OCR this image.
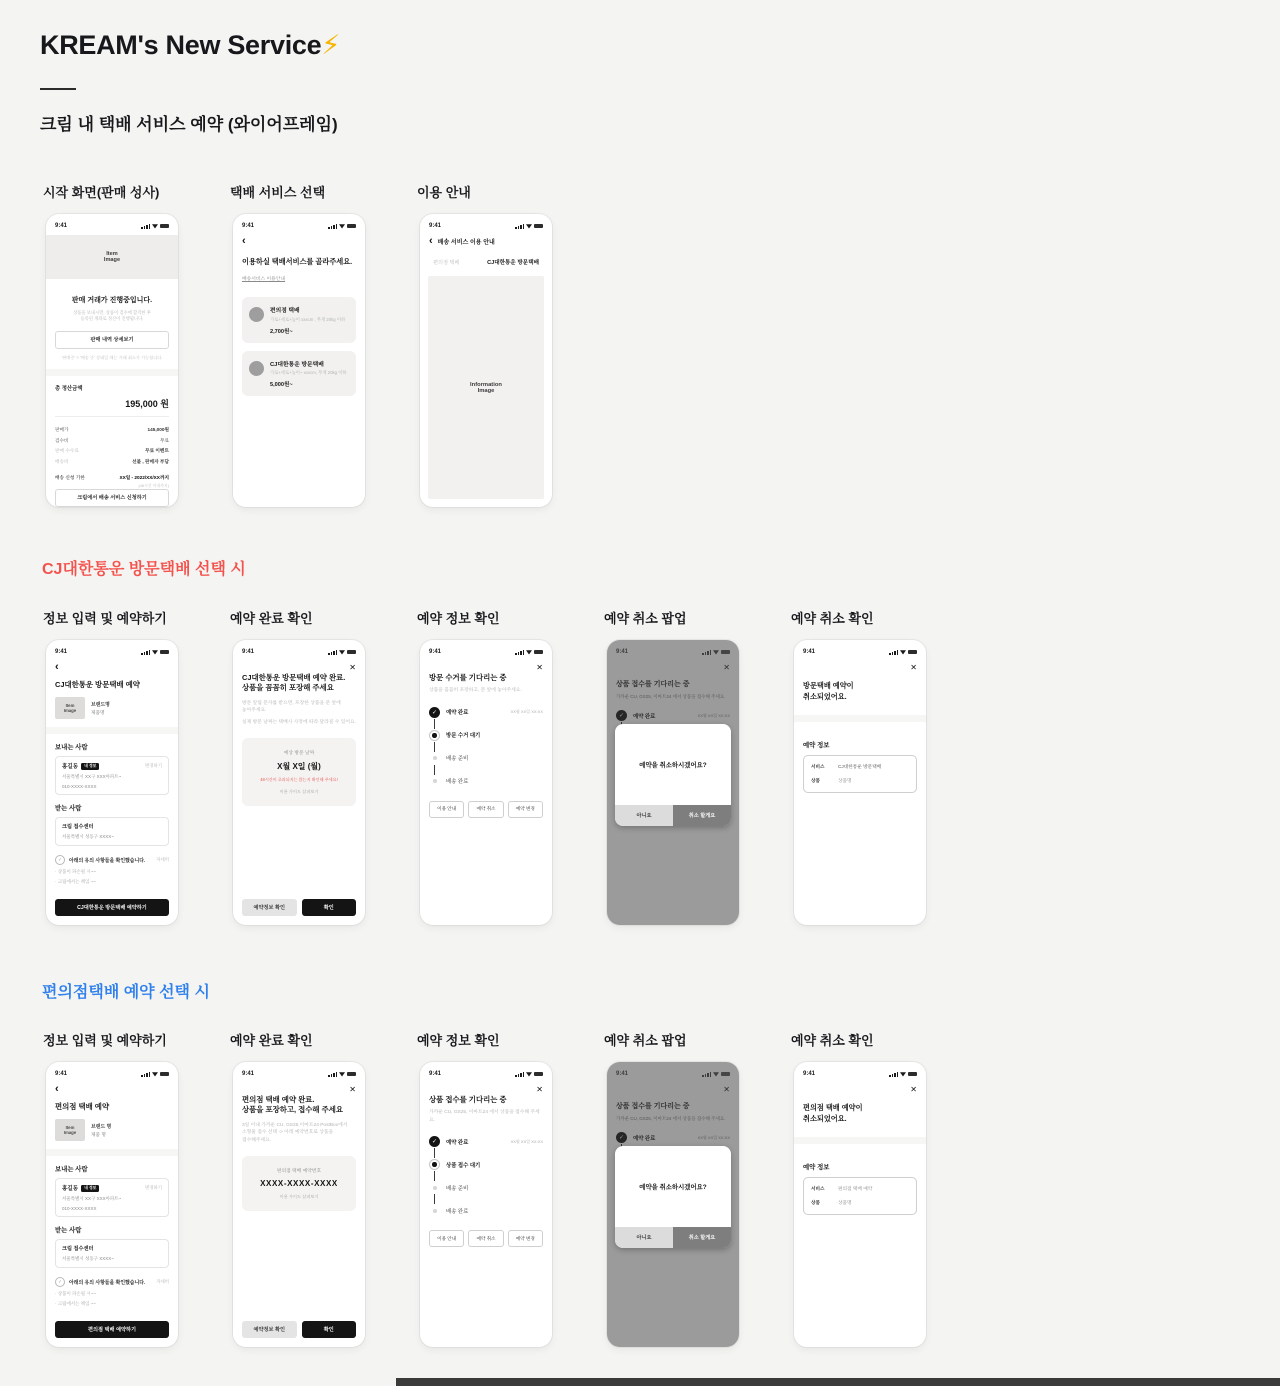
KREAM's New Service⚡
크림 내 택배 서비스 예약 (와이어프레임)
시작 화면(판매 성사)
9:41
Item
Image
판매 거래가 진행중입니다.
상품을 보내시면, 상품이 검수에 합격한 후
등록된 계좌로 정산이 진행됩니다.
판매 내역 상세보기
'판매중' > '배송 중' 상태일 때는 거래 취소가 가능합니다.
총 정산금액
195,000 원
판매가	145,000원
검수비	무료
판매 수수료	무료 이벤트
배송비	선불 , 판매자 부담
배송 신청 기한	XX일 - 2022/XX/XX까지
(48시간 이내까지)
크림에서 배송 서비스 신청하기
택배 서비스 선택
9:41
‹
이용하실 택배서비스를 골라주세요.
배송서비스 이용안내
편의점 택배
가로+세로+높이 xxxcm , 무게 20kg 이하
2,700원~
CJ대한통운 방문택배
가로+세로+높이~ xxxcm, 무게 20kg 이하
5,000원~
이용 안내
9:41
‹ 배송 서비스 이용 안내
편의점 택배	CJ대한통운 방문택배
Information
Image
CJ대한통운 방문택배 선택 시
정보 입력 및 예약하기
9:41
‹
CJ대한통운 방문택배 예약
Item
Image
브랜드명
제품명
보내는 사람
홍길동	내 정보	변경하기
서울특별시 XX구 XXX아파트~
010-XXXX-XXXX
받는 사람
크림 접수센터
서울특별시 성동구 XXXX~
✓	아래의 유의 사항들을 확인했습니다. 자세히
· 상품이 파손될 시~~
· 크림에서는 책임 ~~
CJ대한통운 방문택배 예약하기
예약 완료 확인
9:41
✕
CJ대한통운 방문택배 예약 완료.
상품을 꼼꼼히 포장해 주세요
방문 알림 문자를 받으면, 포장한 상품을 문 앞에
놓아주세요.
실제 방문 날짜는 택배사 사정에 따라 달라질 수 있어요.
예상 방문 날짜
X월 X일 (월)
48시간이 초과되지는 않는지 확인해 주세요!
이용 가이드 살펴보기
예약정보 확인	확인
예약 정보 확인
9:41
✕
방문 수거를 기다리는 중
상품을 꼼꼼히 포장하고, 문 앞에 놓아주세요.
✓	예약 완료	XX월 XX일 XX:XX
방문 수거 대기
배송 준비
배송 완료
이용 안내	예약 취소	예약 변경
예약 취소 팝업
9:41
✕
상품 접수를 기다리는 중
가까운 CU, GS25, 이마트24 에서 상품을 접수해 주세요.
✓	예약 완료	XX월 XX일 XX:XX
예약을 취소하시겠어요?
아니요	취소 할게요
예약 취소 확인
9:41
✕
방문택배 예약이
취소되었어요.
예약 정보
서비스	CJ대한통운 방문택배
상품	상품명
편의점택배 예약 선택 시
정보 입력 및 예약하기
9:41
‹
편의점 택배 예약
Item
Image
브랜드 명
제품 명
보내는 사람
홍길동	내 정보	변경하기
서울특별시 XX구 XXX아파트~
010-XXXX-XXXX
받는 사람
크림 접수센터
서울특별시 성동구 XXXX~
✓	아래의 유의 사항들을 확인했습니다. 자세히
· 상품이 파손될 시~~
· 크림에서는 책임 ~~
편의점 택배 예약하기
예약 완료 확인
9:41
✕
편의점 택배 예약 완료.
상품을 포장하고, 접수해 주세요
3일 이내 가까운 CU, GS25,이마트24 PostBox에서
소형물 접수 선택 -> 아래 예약번호로 상품을
접수해주세요.
편의점 택배 예약번호
XXXX-XXXX-XXXX
이용 가이드 살펴보기
예약정보 확인	확인
예약 정보 확인
9:41
✕
상품 접수를 기다리는 중
가까운 CU, GS25, 이마트24 에서 상품을 접수해 주세요.
✓	예약 완료	XX월 XX일 XX:XX
상품 접수 대기
배송 준비
배송 완료
이용 안내	예약 취소	예약 변경
예약 취소 팝업
9:41
✕
상품 접수를 기다리는 중
가까운 CU, GS25, 이마트24 에서 상품을 접수해 주세요.
✓	예약 완료	XX월 XX일 XX:XX
예약을 취소하시겠어요?
아니요	취소 할게요
예약 취소 확인
9:41
✕
편의점 택배 예약이
취소되었어요.
예약 정보
서비스	편의점 택배 예약
상품	상품명
